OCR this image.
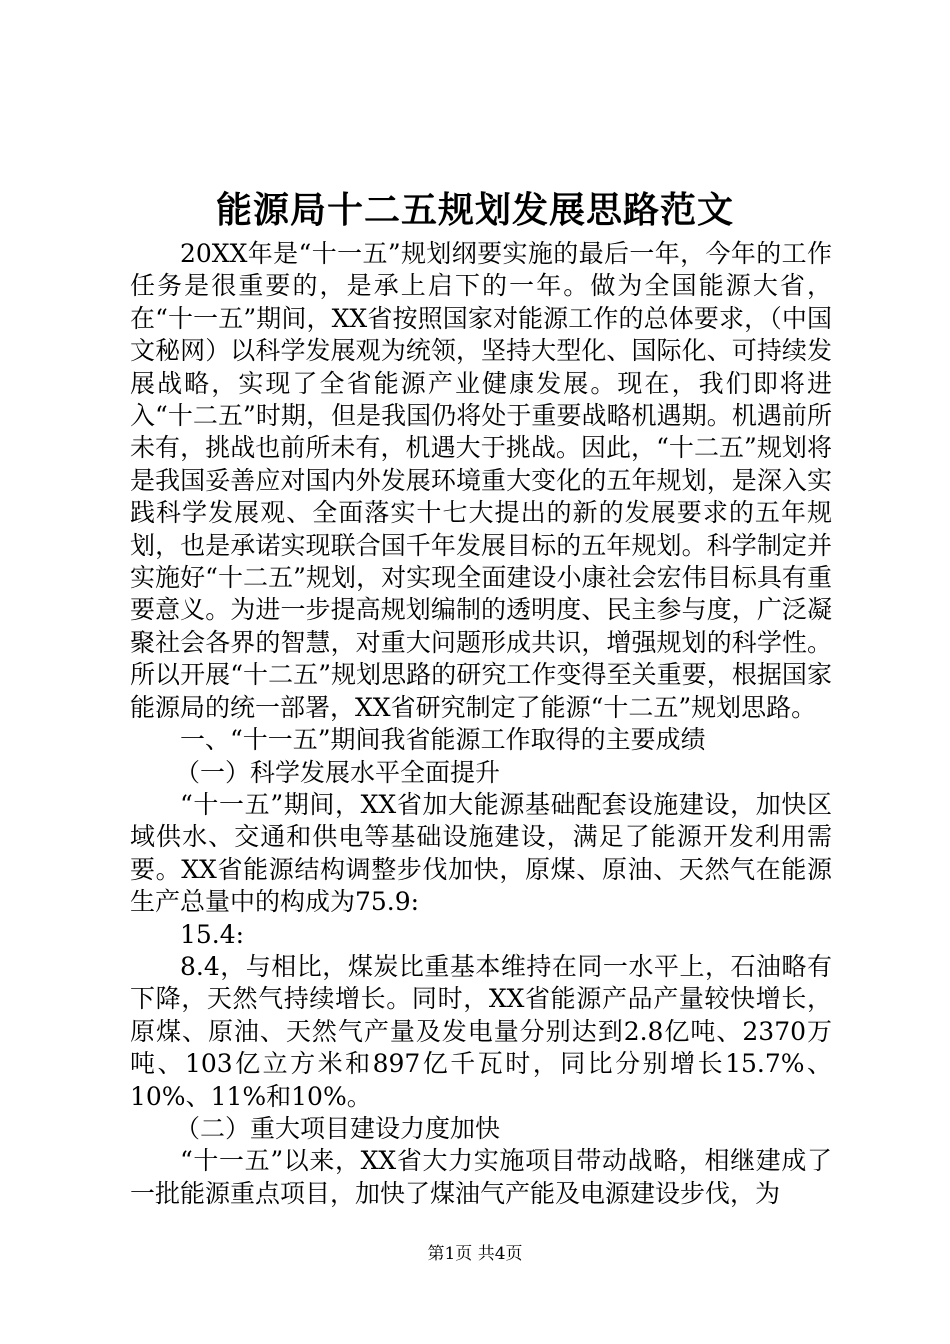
能源局十二五规划发展思路范文

20XX年是“十一五”规划纲要实施的最后一年，今年的工作任务是很重要的，是承上启下的一年。做为全国能源大省，在“十一五”期间，XX省按照国家对能源工作的总体要求，（中国文秘网）以科学发展观为统领，坚持大型化、国际化、可持续发展战略，实现了全省能源产业健康发展。现在，我们即将进入“十二五”时期，但是我国仍将处于重要战略机遇期。机遇前所未有，挑战也前所未有，机遇大于挑战。因此，“十二五”规划将是我国妥善应对国内外发展环境重大变化的五年规划，是深入实践科学发展观、全面落实十七大提出的新的发展要求的五年规划，也是承诺实现联合国千年发展目标的五年规划。科学制定并实施好“十二五”规划，对实现全面建设小康社会宏伟目标具有重要意义。为进一步提高规划编制的透明度、民主参与度，广泛凝聚社会各界的智慧，对重大问题形成共识，增强规划的科学性。所以开展“十二五”规划思路的研究工作变得至关重要，根据国家能源局的统一部署，XX省研究制定了能源“十二五”规划思路。

一、“十一五”期间我省能源工作取得的主要成绩

（一）科学发展水平全面提升

“十一五”期间，XX省加大能源基础配套设施建设，加快区域供水、交通和供电等基础设施建设，满足了能源开发利用需要。XX省能源结构调整步伐加快，原煤、原油、天然气在能源生产总量中的构成为75.9:

15.4:

8.4，与相比，煤炭比重基本维持在同一水平上，石油略有下降，天然气持续增长。同时，XX省能源产品产量较快增长，原煤、原油、天然气产量及发电量分别达到2.8亿吨、2370万吨、103亿立方米和897亿千瓦时，同比分别增长15.7%、10%、11%和10%。

（二）重大项目建设力度加快

“十一五”以来，XX省大力实施项目带动战略，相继建成了一批能源重点项目，加快了煤油气产能及电源建设步伐，为

第1页 共4页
